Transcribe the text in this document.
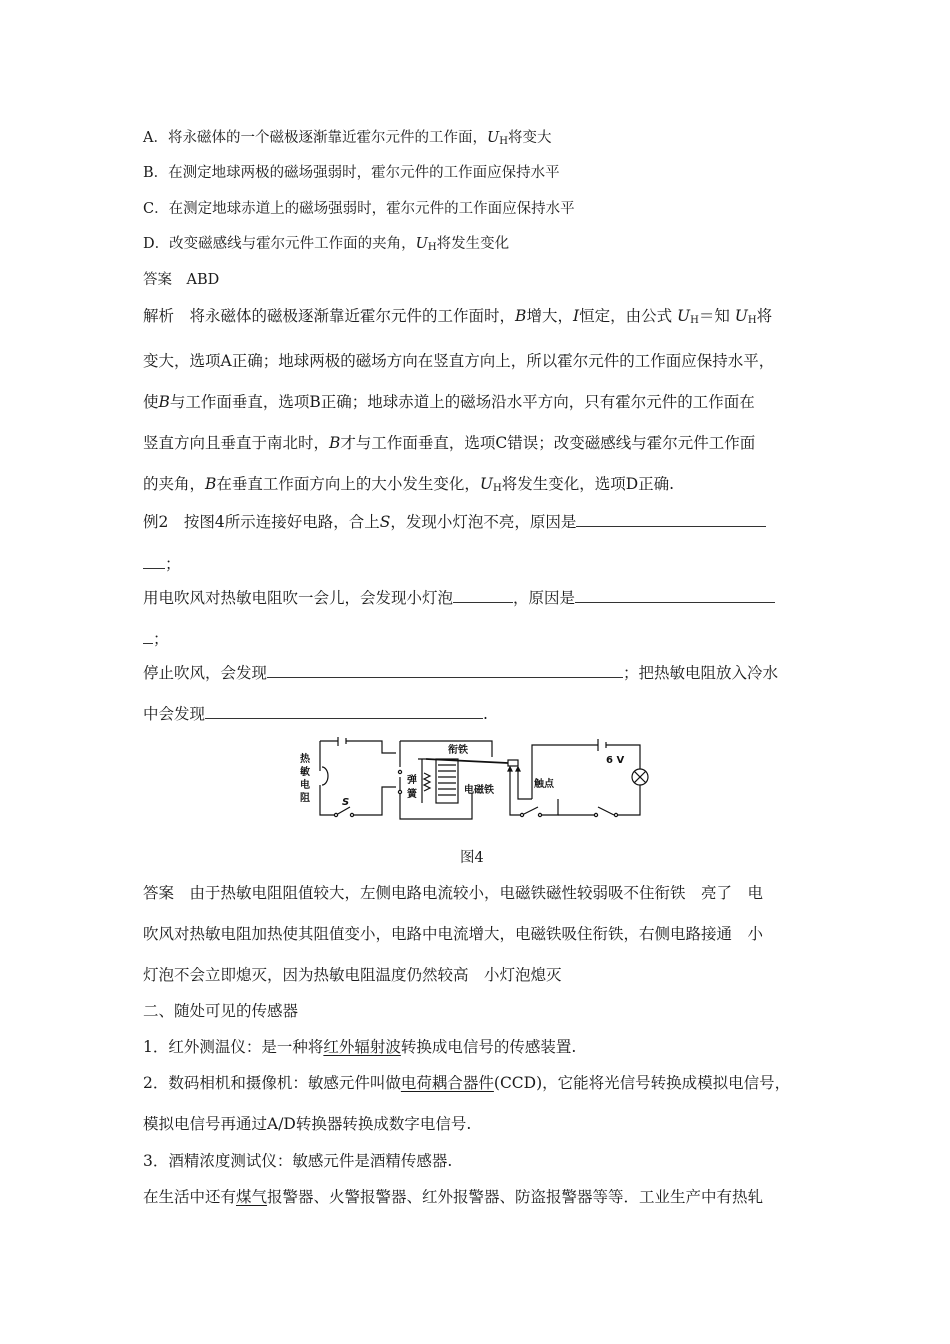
A．将永磁体的一个磁极逐渐靠近霍尔元件的工作面，$U_H$将变大
B．在测定地球两极的磁场强弱时，霍尔元件的工作面应保持水平
C．在测定地球赤道上的磁场强弱时，霍尔元件的工作面应保持水平
D．改变磁感线与霍尔元件工作面的夹角，$U_H$将发生变化
答案　 ABD
解析　 将永磁体的磁极逐渐靠近霍尔元件的工作面时，B增大，I恒定，由公式 $U_H=$知 $U_H$将
变大，选项A正确；地球两极的磁场方向在竖直方向上，所以霍尔元件的工作面应保持水平，
使B与工作面垂直，选项B正确；地球赤道上的磁场沿水平方向，只有霍尔元件的工作面在
竖直方向且垂直于南北时，B才与工作面垂直，选项C错误；改变磁感线与霍尔元件工作面
的夹角，B在垂直工作面方向上的大小发生变化，$U_H$将发生变化，选项D正确.
例2　按图4所示连接好电路，合上S，发现小灯泡不亮，原因是
；
用电吹风对热敏电阻吹一会儿，会发现小灯泡	，原因是
；
停止吹风，会发现	；把热敏电阻放入冷水
中会发现	.
热
敏
电
阻	S
弹
簧
衔铁
电磁铁
触点
6 V
图4
答案　 由于热敏电阻阻值较大，左侧电路电流较小，电磁铁磁性较弱吸不住衔铁　亮了　电
吹风对热敏电阻加热使其阻值变小，电路中电流增大，电磁铁吸住衔铁，右侧电路接通　小
灯泡不会立即熄灭，因为热敏电阻温度仍然较高　小灯泡熄灭
二、随处可见的传感器
1．红外测温仪：是一种将红外辐射波转换成电信号的传感装置.
2．数码相机和摄像机：敏感元件叫做电荷耦合器件(CCD)，它能将光信号转换成模拟电信号，
模拟电信号再通过A/D转换器转换成数字电信号.
3．酒精浓度测试仪：敏感元件是酒精传感器.
在生活中还有煤气报警器、火警报警器、红外报警器、防盗报警器等等．工业生产中有热轧
